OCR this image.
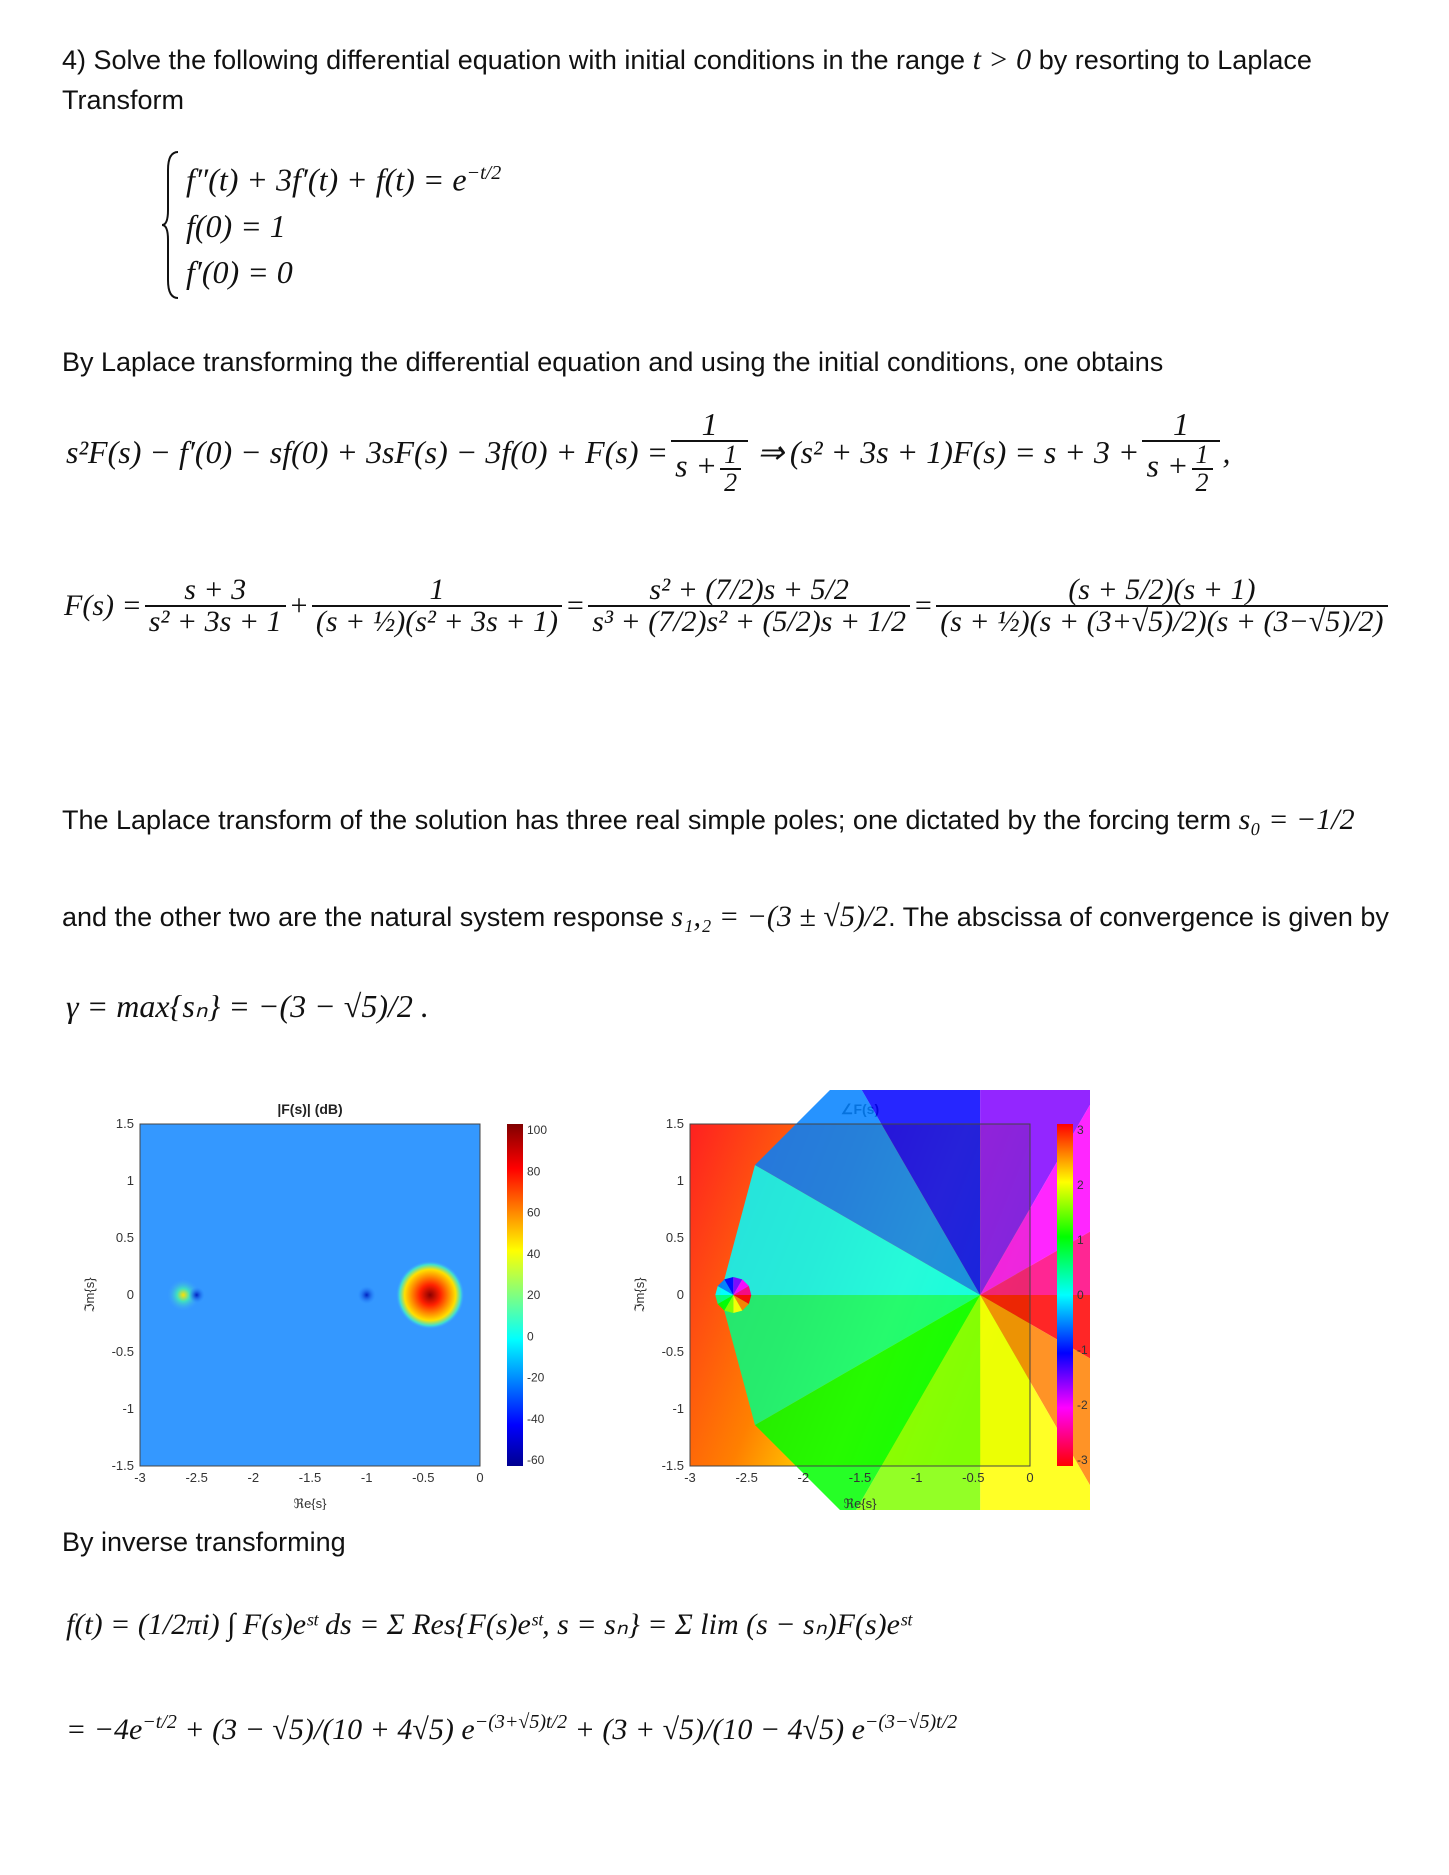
4) Solve the following differential equation with initial conditions in the range t > 0 by resorting to Laplace
Transform
$f''(t) + 3f'(t) + f(t) = e^{-t/2}$
f(0) = 1
f′(0) = 0
By Laplace transforming the differential equation and using the initial conditions, one obtains
$s^2F(s) - f'(0) - sf(0) + 3sF(s) - 3f(0) + F(s) = \frac{1}{s + \frac{1}{2}}$ ⇒ $(s^2 + 3s + 1)F(s) = s + 3 + \frac{1}{s + \frac{1}{2}}$ ,
$F(s) = \frac{s + 3}{\text{s² + 3s + 1}} + \frac{1}{\text{(s + ½)(s² + 3s + 1)}} = \frac{\text{s² + (7/2)s + 5/2}}{\text{s³ + (7/2)s² + (5/2)s + 1/2}} = \frac{(s + 5/2)(s + 1)}{\text{(s + ½)(s + (3+√5)/2)(s + (3−√5)/2)}}$
The Laplace transform of the solution has three real simple poles; one dictated by the forcing term s₀ = −1/2
and the other two are the natural system response s₁,₂ = −(3 ± √5)/2. The abscissa of convergence is given by
γ = max{sₙ} = −(3 − √5)/2 .
|F(s)| (dB)
-3	-2.5	-2	-1.5	-1	-0.5	0
1.5
1
0.5
0
-0.5
-1
-1.5
ℜe{s}
ℑm{s}
100
80
60
40
20
0
-20
-40
-60
-3	-2.5	-2	-1.5	-1	-0.5	0
1.5
1
0.5
0
-0.5
-1
-1.5
ℜe{s}
ℑm{s}
3
2
1
0
-1
-2
-3
By inverse transforming
f(t) = (1/2πi) ∫ F(s)eˢᵗ ds = Σ Res{F(s)eˢᵗ, s = sₙ} = Σ lim (s − sₙ)F(s)eˢᵗ
= $-4e^{-t/2} + (3 - √5)/(10 + 4√5) e^{-(3+√5)t/2} + (3 + √5)/(10 - 4√5)$ $e^{-(3-√5)t/2}$
